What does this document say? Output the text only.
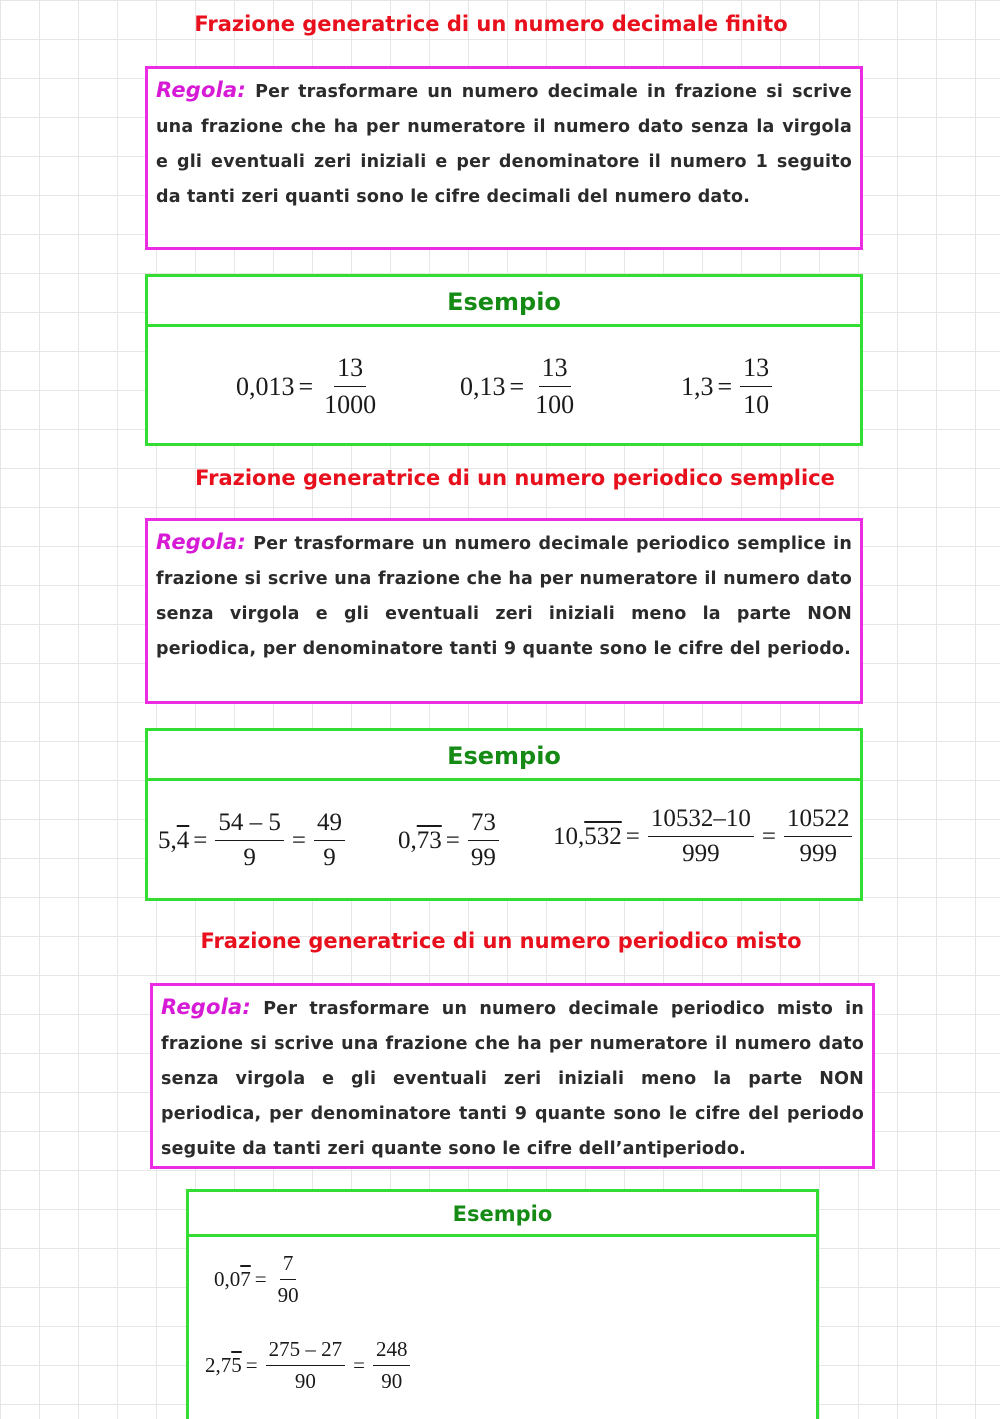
Frazione generatrice di un numero decimale finito

Regola: Per trasformare un numero decimale in frazione si scrive una frazione che ha per numeratore il numero dato senza la virgola e gli eventuali zeri iniziali e per denominatore il numero 1 seguito da tanti zeri quanti sono le cifre decimali del numero dato.

Esempio
$0,013 = \frac{13}{1000}$	$0,13 = \frac{13}{100}$	$1,3 = \frac{13}{10}$
Frazione generatrice di un numero periodico semplice

Regola: Per trasformare un numero decimale periodico semplice in frazione si scrive una frazione che ha per numeratore il numero dato senza virgola e gli eventuali zeri iniziali meno la parte NON periodica, per denominatore tanti 9 quante sono le cifre del periodo.

Esempio
5, $4 = \frac{54 - 5}{9} = \frac{49}{9} 0$, $73 = \frac{73}{99} 10$, $532 = \frac{10532-10}{999} = \frac{10522}{999}$
Frazione generatrice di un numero periodico misto

Regola: Per trasformare un numero decimale periodico misto in frazione si scrive una frazione che ha per numeratore il numero dato senza virgola e gli eventuali zeri iniziali meno la parte NON periodica, per denominatore tanti 9 quante sono le cifre del periodo seguite da tanti zeri quante sono le cifre dell’antiperiodo.

Esempio
0,0 $7 = \frac{7}{90}$
2,7 $5 = \frac{275 - 27}{90} = \frac{248}{90}$
